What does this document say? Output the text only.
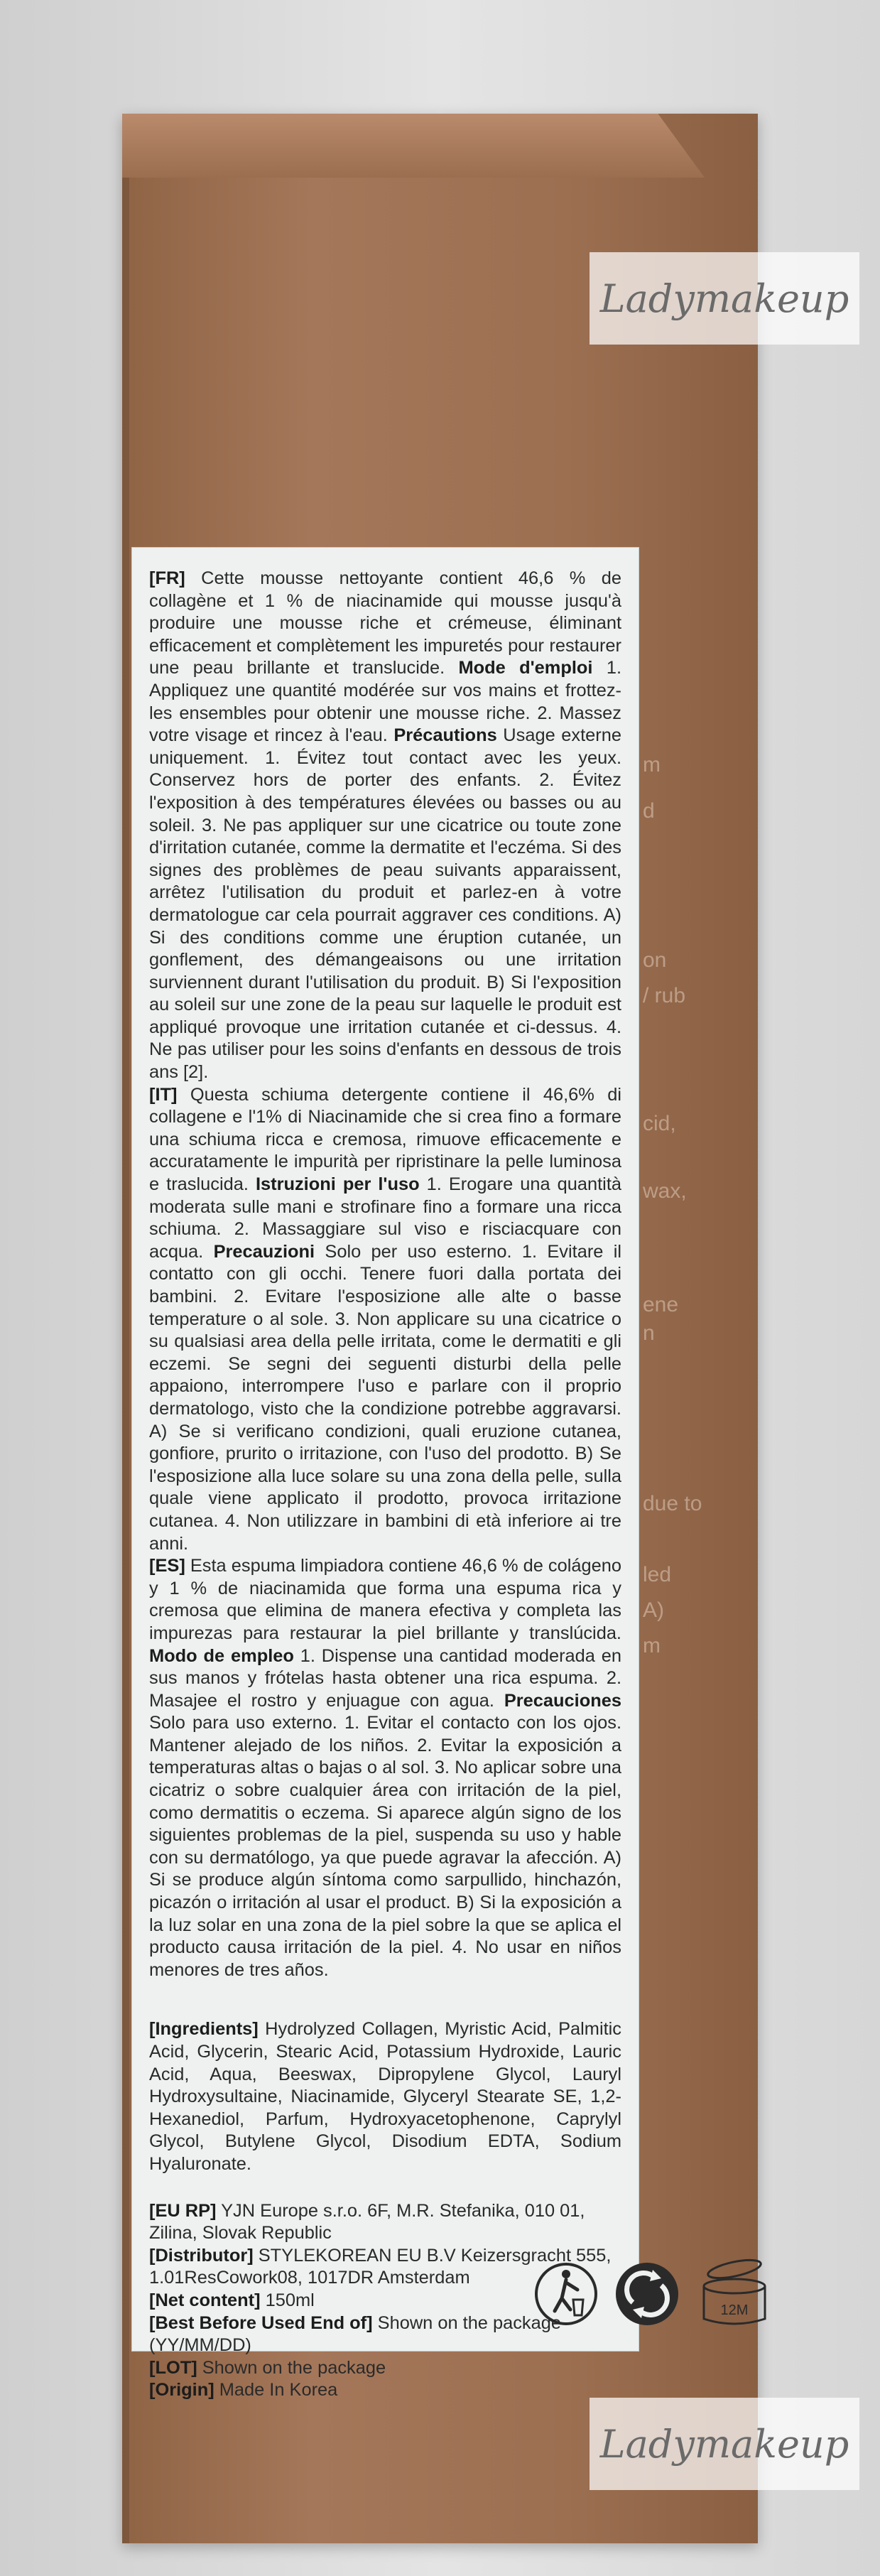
m
d
on
/ rub
cid,
wax,
ene
n
due to
led
A)
m
Ladymakeup
Ladymakeup

[FR] Cette mousse nettoyante contient 46,6 % de collagène et 1 % de niacinamide qui mousse jusqu'à produire une mousse riche et crémeuse, éliminant efficacement et complètement les impuretés pour restaurer une peau brillante et translucide. Mode d'emploi 1. Appliquez une quantité modérée sur vos mains et frottez-les ensembles pour obtenir une mousse riche. 2. Massez votre visage et rincez à l'eau. Précautions Usage externe uniquement. 1. Évitez tout contact avec les yeux. Conservez hors de porter des enfants. 2. Évitez l'exposition à des températures élevées ou basses ou au soleil. 3. Ne pas appliquer sur une cicatrice ou toute zone d'irritation cutanée, comme la dermatite et l'eczéma. Si des signes des problèmes de peau suivants apparaissent, arrêtez l'utilisation du produit et parlez-en à votre dermatologue car cela pourrait aggraver ces conditions. A) Si des conditions comme une éruption cutanée, un gonflement, des démangeaisons ou une irritation surviennent durant l'utilisation du produit. B) Si l'exposition au soleil sur une zone de la peau sur laquelle le produit est appliqué provoque une irritation cutanée et ci-dessus. 4. Ne pas utiliser pour les soins d'enfants en dessous de trois ans [2].

[IT] Questa schiuma detergente contiene il 46,6% di collagene e l'1% di Niacinamide che si crea fino a formare una schiuma ricca e cremosa, rimuove efficacemente e accuratamente le impurità per ripristinare la pelle luminosa e traslucida. Istruzioni per l'uso 1. Erogare una quantità moderata sulle mani e strofinare fino a formare una ricca schiuma. 2. Massaggiare sul viso e risciacquare con acqua. Precauzioni Solo per uso esterno. 1. Evitare il contatto con gli occhi. Tenere fuori dalla portata dei bambini. 2. Evitare l'esposizione alle alte o basse temperature o al sole. 3. Non applicare su una cicatrice o su qualsiasi area della pelle irritata, come le dermatiti e gli eczemi. Se segni dei seguenti disturbi della pelle appaiono, interrompere l'uso e parlare con il proprio dermatologo, visto che la condizione potrebbe aggravarsi. A) Se si verificano condizioni, quali eruzione cutanea, gonfiore, prurito o irritazione, con l'uso del prodotto. B) Se l'esposizione alla luce solare su una zona della pelle, sulla quale viene applicato il prodotto, provoca irritazione cutanea. 4. Non utilizzare in bambini di età inferiore ai tre anni.

[ES] Esta espuma limpiadora contiene 46,6 % de colágeno y 1 % de niacinamida que forma una espuma rica y cremosa que elimina de manera efectiva y completa las impurezas para restaurar la piel brillante y translúcida. Modo de empleo 1. Dispense una cantidad moderada en sus manos y frótelas hasta obtener una rica espuma. 2. Masajee el rostro y enjuague con agua. Precauciones Solo para uso externo. 1. Evitar el contacto con los ojos. Mantener alejado de los niños. 2. Evitar la exposición a temperaturas altas o bajas o al sol. 3. No aplicar sobre una cicatriz o sobre cualquier área con irritación de la piel, como dermatitis o eczema. Si aparece algún signo de los siguientes problemas de la piel, suspenda su uso y hable con su dermatólogo, ya que puede agravar la afección. A) Si se produce algún síntoma como sarpullido, hinchazón, picazón o irritación al usar el product. B) Si la exposición a la luz solar en una zona de la piel sobre la que se aplica el producto causa irritación de la piel. 4. No usar en niños menores de tres años.

[Ingredients] Hydrolyzed Collagen, Myristic Acid, Palmitic Acid, Glycerin, Stearic Acid, Potassium Hydroxide, Lauric Acid, Aqua, Beeswax, Dipropylene Glycol, Lauryl Hydroxysultaine, Niacinamide, Glyceryl Stearate SE, 1,2-Hexanediol, Parfum, Hydroxyacetophenone, Caprylyl Glycol, Butylene Glycol, Disodium EDTA, Sodium Hyaluronate.

[EU RP] YJN Europe s.r.o. 6F, M.R. Stefanika, 010 01, Zilina, Slovak Republic

[Distributor] STYLEKOREAN EU B.V Keizersgracht 555, 1.01ResCowork08, 1017DR Amsterdam

[Net content] 150ml

[Best Before Used End of] Shown on the package (YY/MM/DD)

[LOT] Shown on the package

[Origin] Made In Korea

12M
